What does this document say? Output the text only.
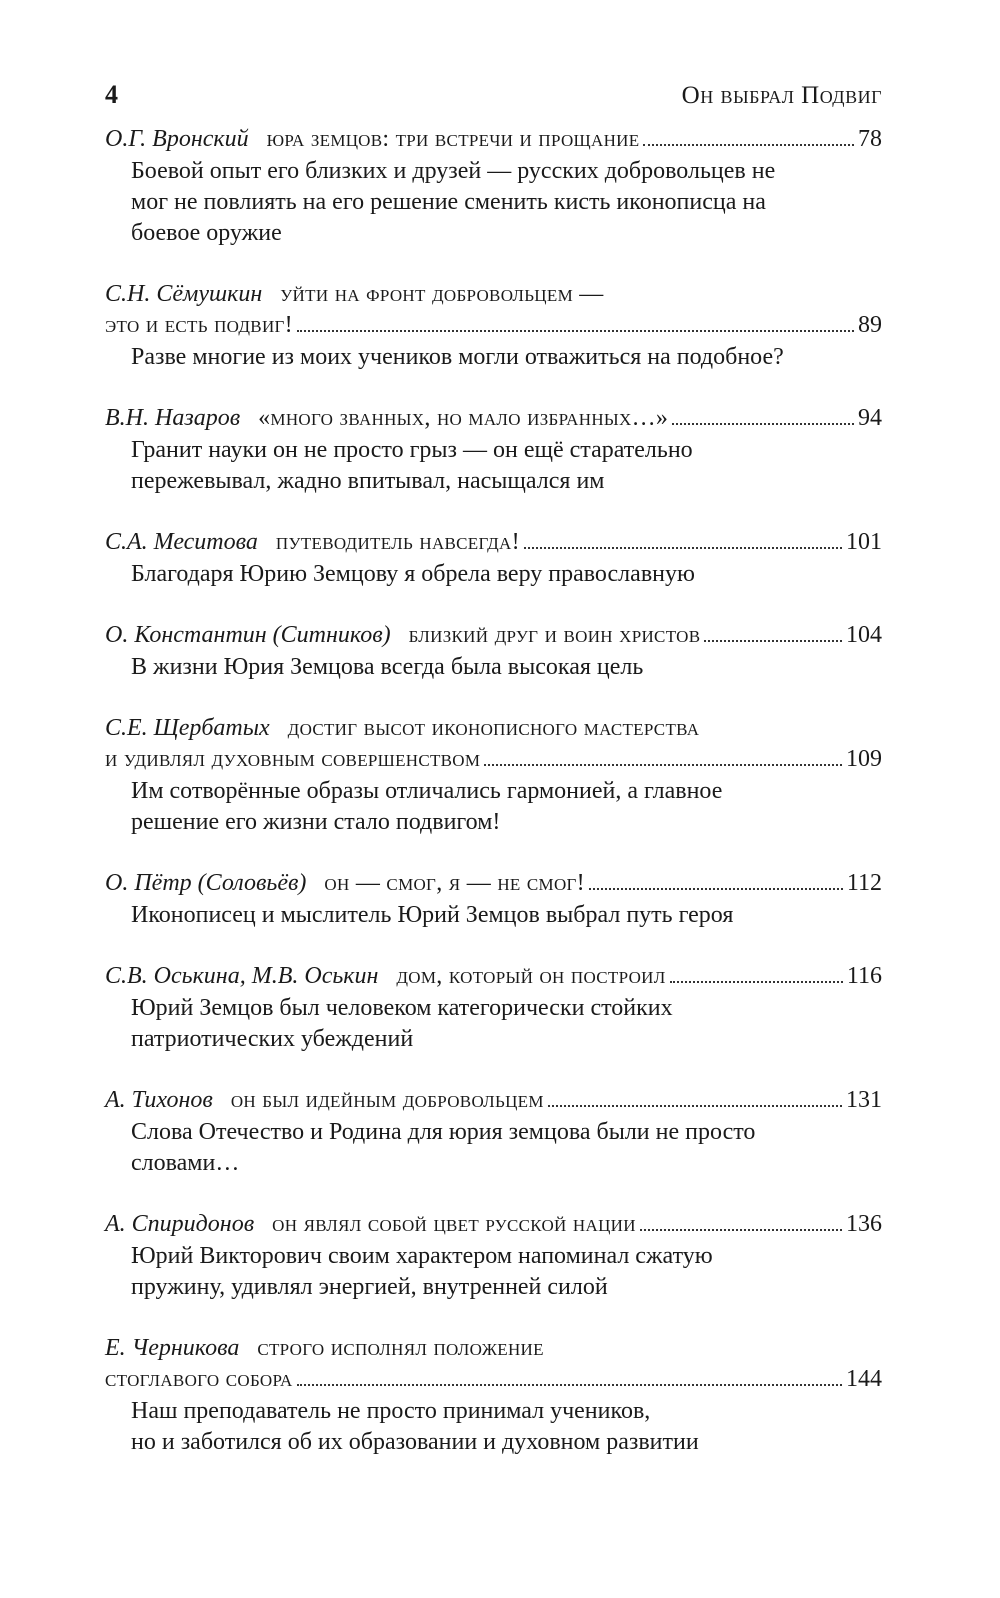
4	Он выбрал Подвиг
О.Г. Вронский юра земцов: три встречи и прощание	78
Боевой опыт его близких и друзей — русских добровольцев не
мог не повлиять на его решение сменить кисть иконописца на
боевое оружие
С.Н. Сёмушкин уйти на фронт добровольцем —
это и есть подвиг!	89
Разве многие из моих учеников могли отважиться на подобное?
В.Н. Назаров «много званных, но мало избранных…»	94
Гранит науки он не просто грыз — он ещё старательно
пережевывал, жадно впитывал, насыщался им
С.А. Меситова путеводитель навсегда!	101
Благодаря Юрию Земцову я обрела веру православную
О. Константин (Ситников) близкий друг и воин христов	104
В жизни Юрия Земцова всегда была высокая цель
С.Е. Щербатых достиг высот иконописного мастерства
и удивлял духовным совершенством	109
Им сотворённые образы отличались гармонией, а главное
решение его жизни стало подвигом!
О. Пётр (Соловьёв) он — смог, я — не смог!	112
Иконописец и мыслитель Юрий Земцов выбрал путь героя
С.В. Оськина, М.В. Оськин дом, который он построил	116
Юрий Земцов был человеком категорически стойких
патриотических убеждений
А. Тихонов он был идейным добровольцем	131
Слова Отечество и Родина для юрия земцова были не просто
словами…
А. Спиридонов он являл собой цвет русской нации	136
Юрий Викторович своим характером напоминал сжатую
пружину, удивлял энергией, внутренней силой
Е. Черникова строго исполнял положение
стоглавого собора	144
Наш преподаватель не просто принимал учеников,
но и заботился об их образовании и духовном развитии
